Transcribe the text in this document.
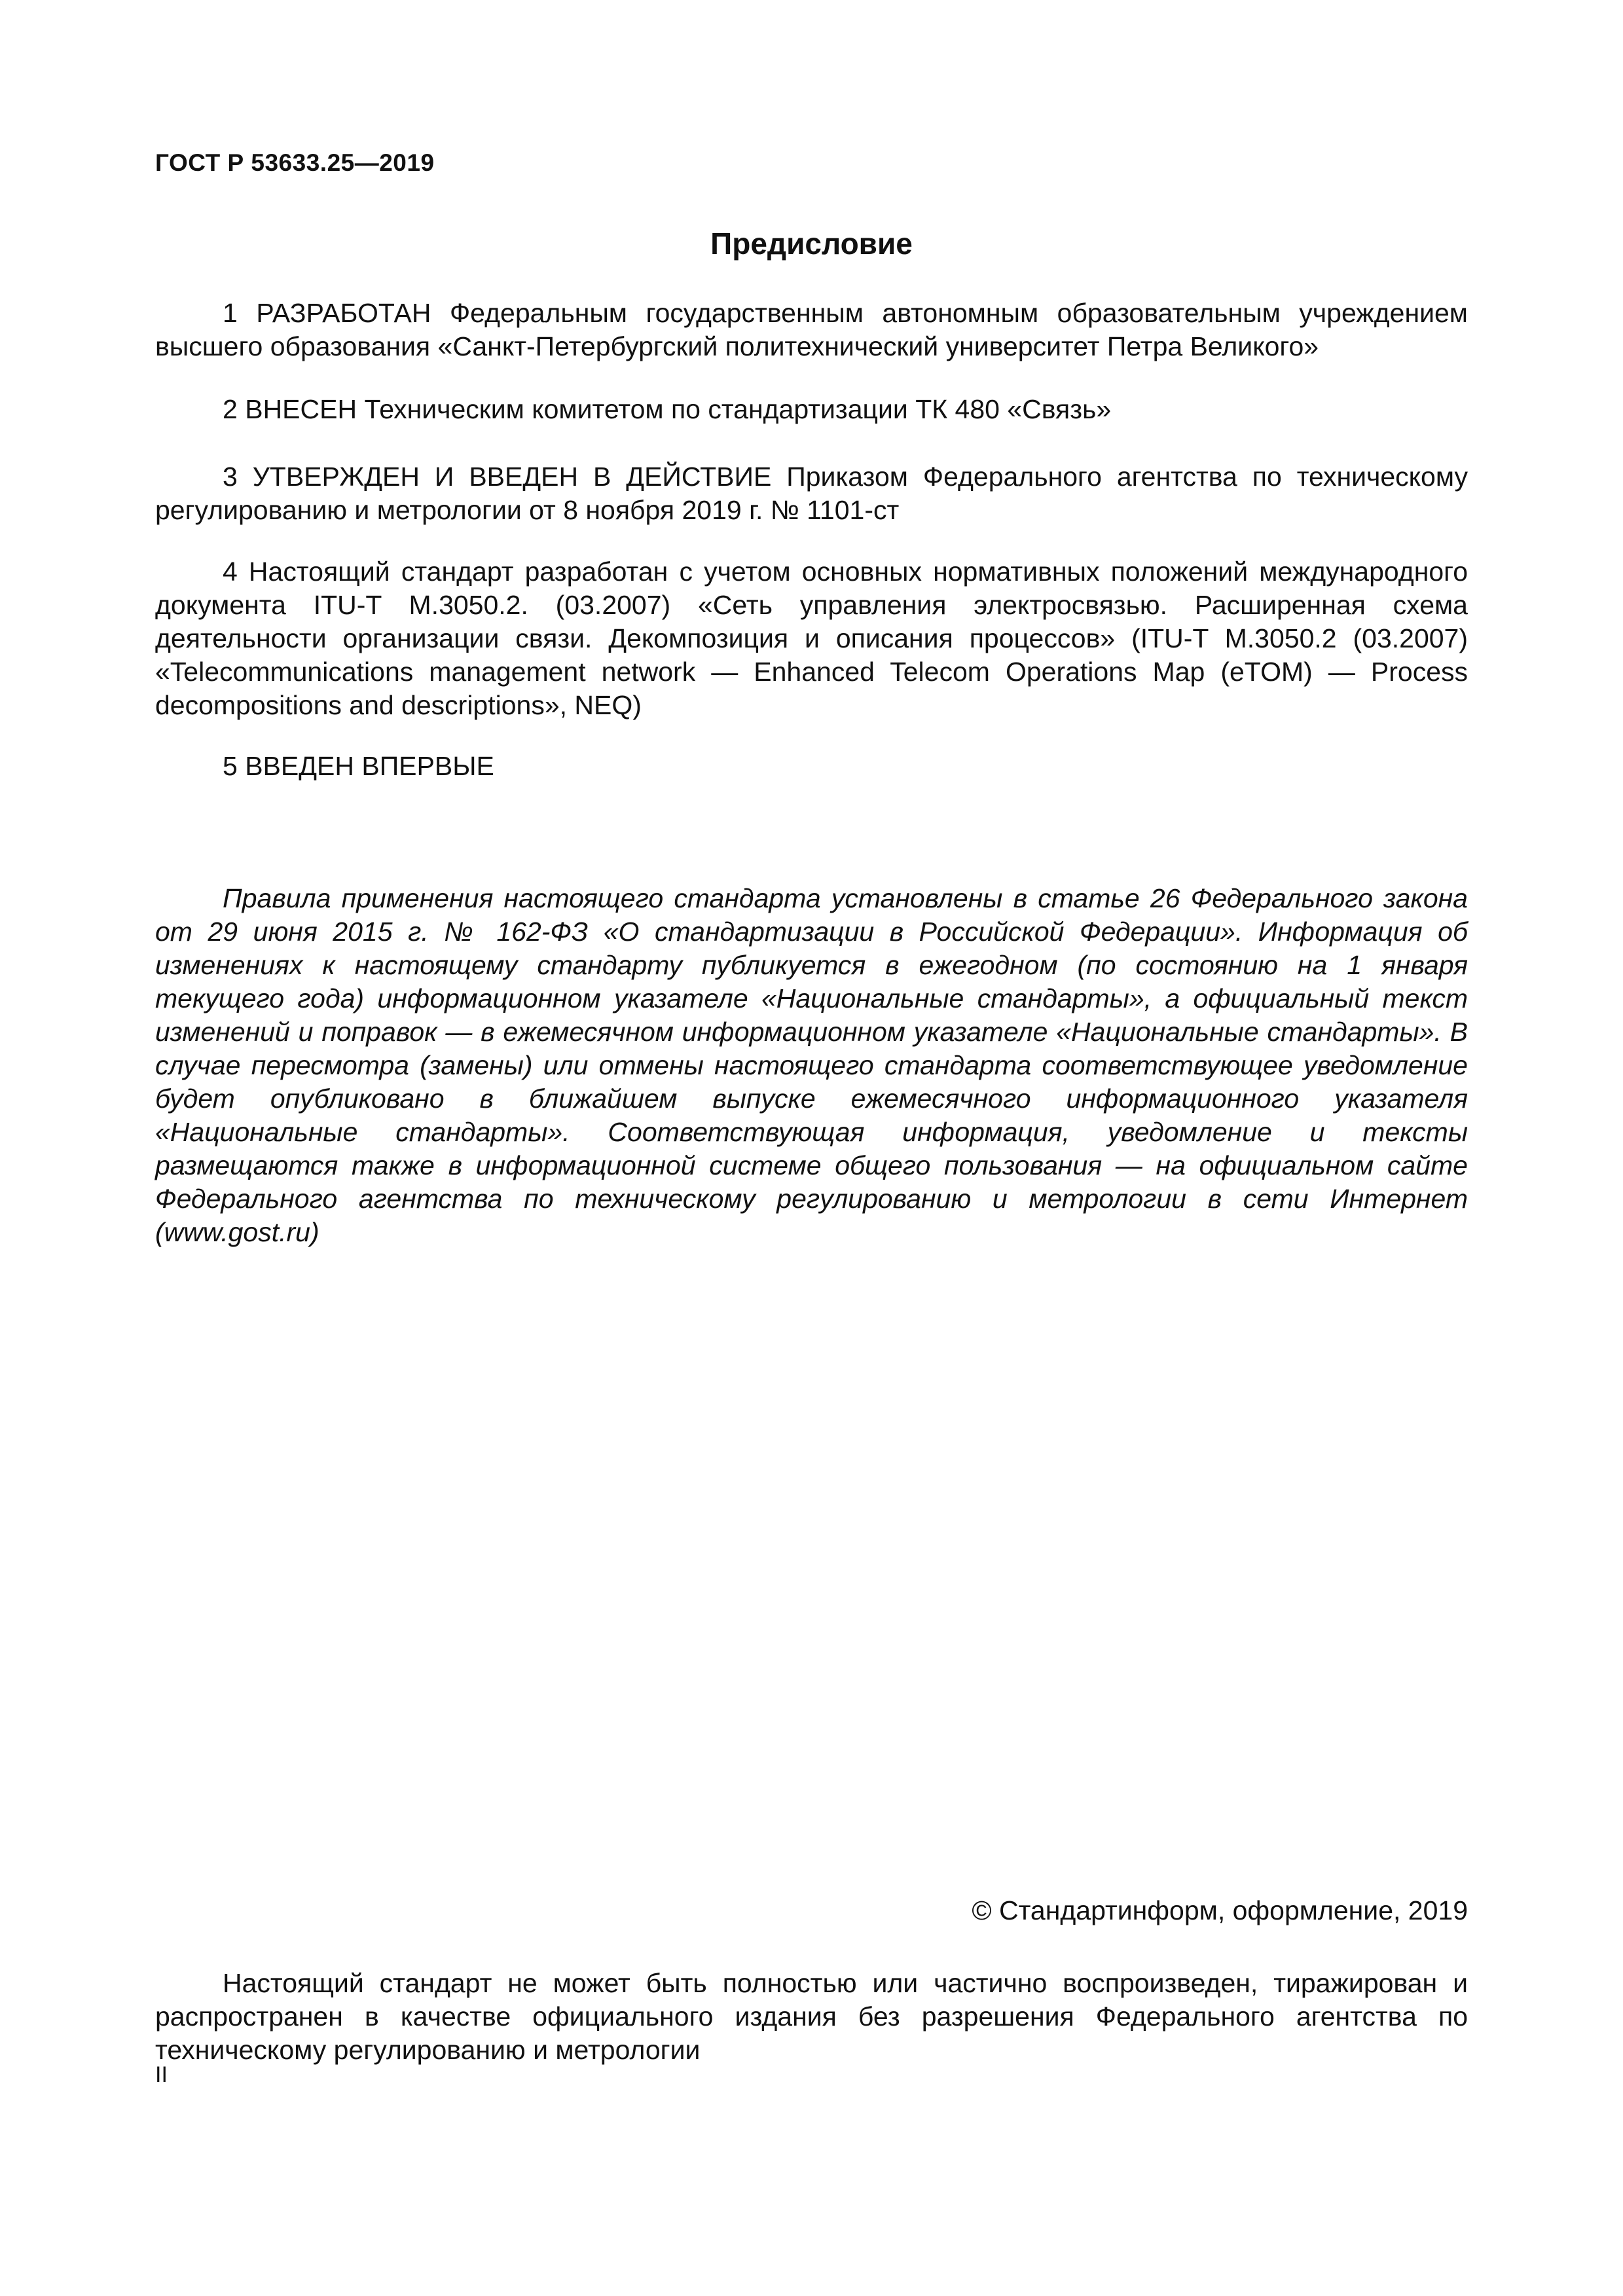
ГОСТ Р 53633.25—2019
Предисловие
1 РАЗРАБОТАН Федеральным государственным автономным образовательным учреждением высшего образования «Санкт-Петербургский политехнический университет Петра Великого»
2 ВНЕСЕН Техническим комитетом по стандартизации ТК 480 «Связь»
3 УТВЕРЖДЕН И ВВЕДЕН В ДЕЙСТВИЕ Приказом Федерального агентства по техническому регулированию и метрологии от 8 ноября 2019 г. № 1101-ст
4 Настоящий стандарт разработан с учетом основных нормативных положений международного документа ITU-T M.3050.2. (03.2007) «Сеть управления электросвязью. Расширенная схема деятельности организации связи. Декомпозиция и описания процессов» (ITU-T M.3050.2 (03.2007) «Telecommunications management network — Enhanced Telecom Operations Map (eTOM) — Process decompositions and descriptions», NEQ)
5 ВВЕДЕН ВПЕРВЫЕ
Правила применения настоящего стандарта установлены в статье 26 Федерального закона от 29 июня 2015 г. № 162-ФЗ «О стандартизации в Российской Федерации». Информация об изменениях к настоящему стандарту публикуется в ежегодном (по состоянию на 1 января текущего года) информационном указателе «Национальные стандарты», а официальный текст изменений и поправок — в ежемесячном информационном указателе «Национальные стандарты». В случае пересмотра (замены) или отмены настоящего стандарта соответствующее уведомление будет опубликовано в ближайшем выпуске ежемесячного информационного указателя «Национальные стандарты». Соответствующая информация, уведомление и тексты размещаются также в информационной системе общего пользования — на официальном сайте Федерального агентства по техническому регулированию и метрологии в сети Интернет (www.gost.ru)
© Стандартинформ, оформление, 2019
Настоящий стандарт не может быть полностью или частично воспроизведен, тиражирован и распространен в качестве официального издания без разрешения Федерального агентства по техническому регулированию и метрологии
II
